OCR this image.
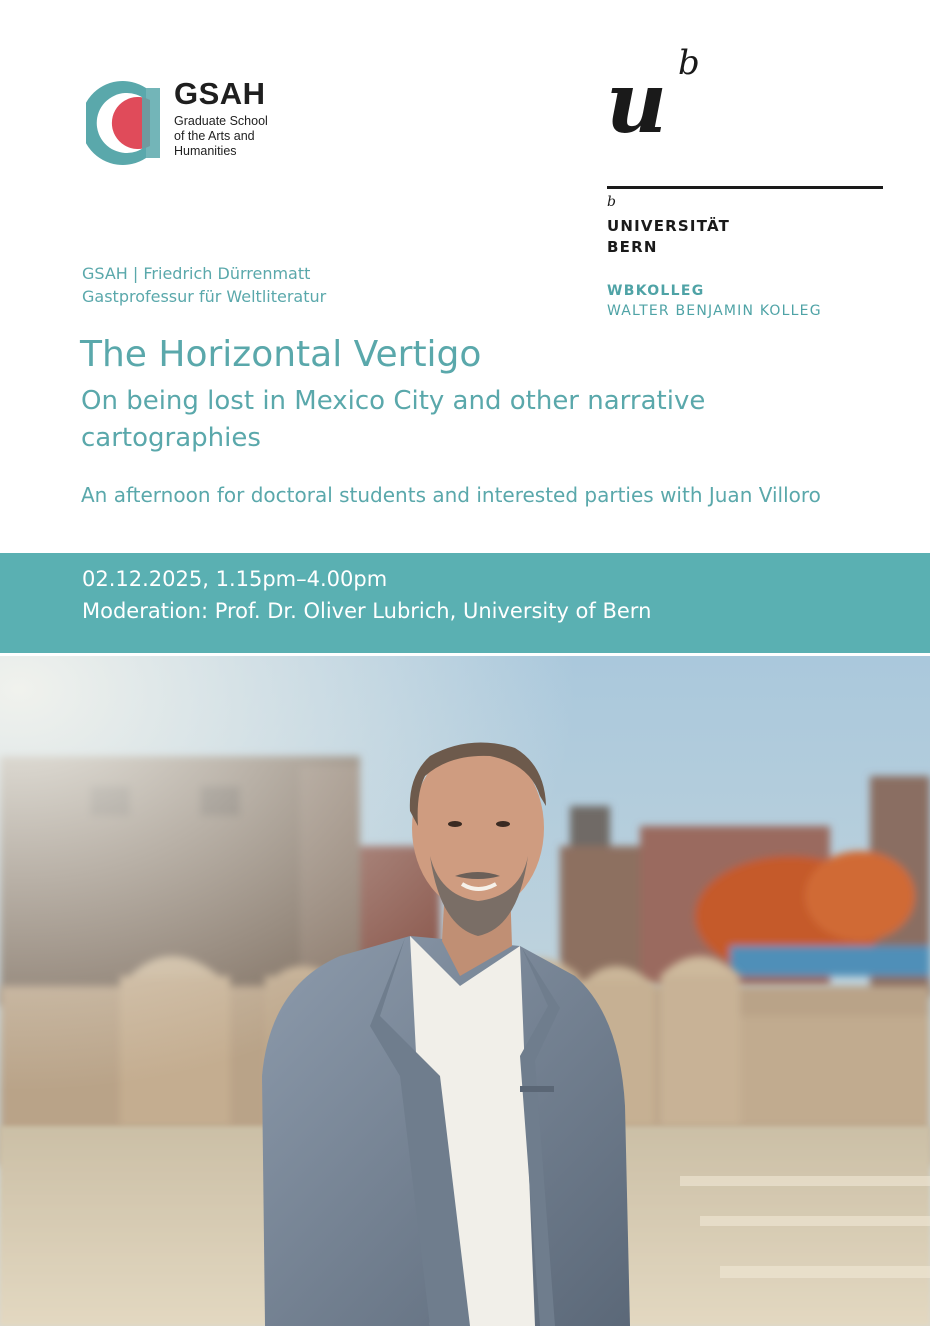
GSAH
Graduate School
of the Arts and
Humanities	u b
b
UNIVERSITÄT
BERN
WBKOLLEG
WALTER BENJAMIN KOLLEG
GSAH | Friedrich Dürrenmatt
Gastprofessur für Weltliteratur
The Horizontal Vertigo
On being lost in Mexico City and other narrative cartographies
An afternoon for doctoral students and interested parties with Juan Villoro
02.12.2025, 1.15pm–4.00pm
Moderation: Prof. Dr. Oliver Lubrich, University of Bern
